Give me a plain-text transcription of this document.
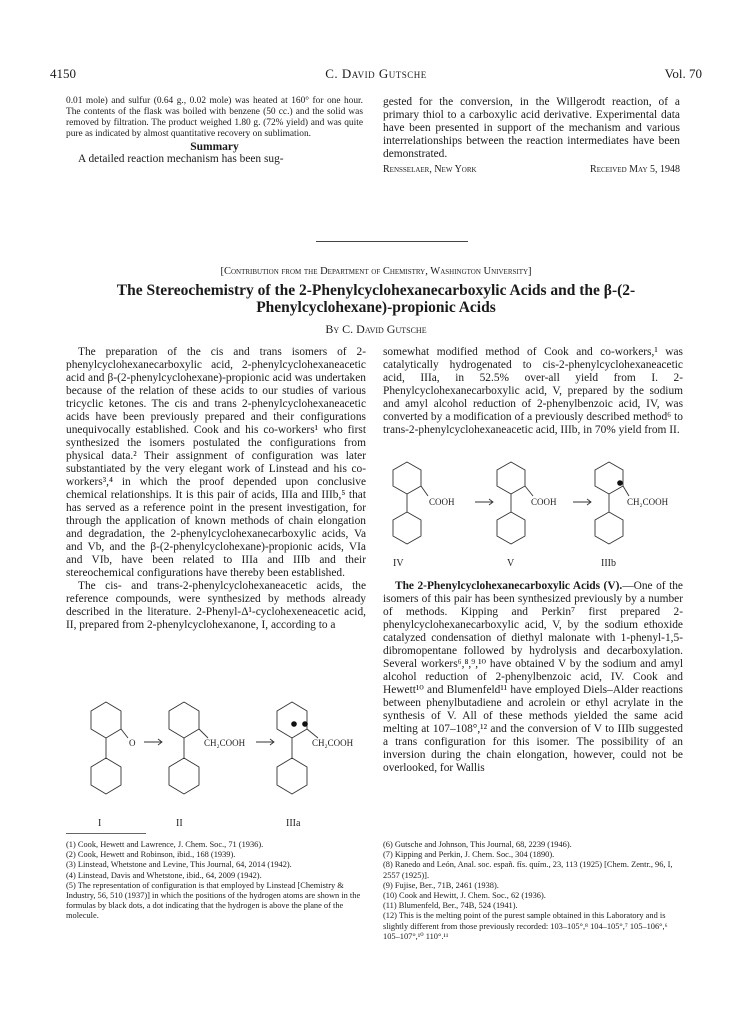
4150	C. David Gutsche	Vol. 70

0.01 mole) and sulfur (0.64 g., 0.02 mole) was heated at 160° for one hour. The contents of the flask was boiled with benzene (50 cc.) and the solid was removed by filtration. The product weighed 1.80 g. (72% yield) and was quite pure as indicated by almost quantitative recovery on sublimation.

Summary

A detailed reaction mechanism has been sug-

gested for the conversion, in the Willgerodt reaction, of a primary thiol to a carboxylic acid derivative. Experimental data have been presented in support of the mechanism and various interrelationships between the reaction intermediates have been demonstrated.

Rensselaer, New York	Received May 5, 1948
[Contribution from the Department of Chemistry, Washington University]
The Stereochemistry of the 2-Phenylcyclohexanecarboxylic Acids and the β-(2-Phenylcyclohexane)-propionic Acids
By C. David Gutsche

The preparation of the cis and trans isomers of 2-phenylcyclohexanecarboxylic acid, 2-phenylcyclohexaneacetic acid and β-(2-phenylcyclohexane)-propionic acid was undertaken because of the relation of these acids to our studies of various tricyclic ketones. The cis and trans 2-phenylcyclohexaneacetic acids have been previously prepared and their configurations unequivocally established. Cook and his co-workers¹ who first synthesized the isomers postulated the configurations from physical data.² Their assignment of configuration was later substantiated by the very elegant work of Linstead and his co-workers³,⁴ in which the proof depended upon conclusive chemical relationships. It is this pair of acids, IIIa and IIIb,⁵ that has served as a reference point in the present investigation, for through the application of known methods of chain elongation and degradation, the 2-phenylcyclohexanecarboxylic acids, Va and Vb, and the β-(2-phenylcyclohexane)-propionic acids, VIa and VIb, have been related to IIIa and IIIb and their stereochemical configurations have thereby been established.

The cis- and trans-2-phenylcyclohexaneacetic acids, the reference compounds, were synthesized by methods already described in the literature. 2-Phenyl-Δ¹-cyclohexeneacetic acid, II, prepared from 2-phenylcyclohexanone, I, according to a

O
I
CH₂COOH
II
CH₂COOH
IIIa

somewhat modified method of Cook and co-workers,¹ was catalytically hydrogenated to cis-2-phenylcyclohexaneacetic acid, IIIa, in 52.5% over-all yield from I. 2-Phenylcyclohexanecarboxylic acid, V, prepared by the sodium and amyl alcohol reduction of 2-phenylbenzoic acid, IV, was converted by a modification of a previously described method⁶ to trans-2-phenylcyclohexaneacetic acid, IIIb, in 70% yield from II.

COOH
IV
COOH
V
CH₂COOH
IIIb

The 2-Phenylcyclohexanecarboxylic Acids (V).—One of the isomers of this pair has been synthesized previously by a number of methods. Kipping and Perkin⁷ first prepared 2-phenylcyclohexanecarboxylic acid, V, by the sodium ethoxide catalyzed condensation of diethyl malonate with 1-phenyl-1,5-dibromopentane followed by hydrolysis and decarboxylation. Several workers⁶,⁸,⁹,¹⁰ have obtained V by the sodium and amyl alcohol reduction of 2-phenylbenzoic acid, IV. Cook and Hewett¹⁰ and Blumenfeld¹¹ have employed Diels–Alder reactions between phenylbutadiene and acrolein or ethyl acrylate in the synthesis of V. All of these methods yielded the same acid melting at 107–108°,¹² and the conversion of V to IIIb suggested a trans configuration for this isomer. The possibility of an inversion during the chain elongation, however, could not be overlooked, for Wallis

(1) Cook, Hewett and Lawrence, J. Chem. Soc., 71 (1936).
(2) Cook, Hewett and Robinson, ibid., 168 (1939).
(3) Linstead, Whetstone and Levine, This Journal, 64, 2014 (1942).
(4) Linstead, Davis and Whetstone, ibid., 64, 2009 (1942).
(5) The representation of configuration is that employed by Linstead [Chemistry & Industry, 56, 510 (1937)] in which the positions of the hydrogen atoms are shown in the formulas by black dots, a dot indicating that the hydrogen is above the plane of the molecule.
(6) Gutsche and Johnson, This Journal, 68, 2239 (1946).
(7) Kipping and Perkin, J. Chem. Soc., 304 (1890).
(8) Ranedo and León, Anal. soc. españ. fís. quím., 23, 113 (1925) [Chem. Zentr., 96, I, 2557 (1925)].
(9) Fujise, Ber., 71B, 2461 (1938).
(10) Cook and Hewitt, J. Chem. Soc., 62 (1936).
(11) Blumenfeld, Ber., 74B, 524 (1941).
(12) This is the melting point of the purest sample obtained in this Laboratory and is slightly different from those previously recorded: 103–105°,⁸ 104–105°,⁷ 105–106°,⁶ 105–107°,¹⁰ 110°.¹¹
